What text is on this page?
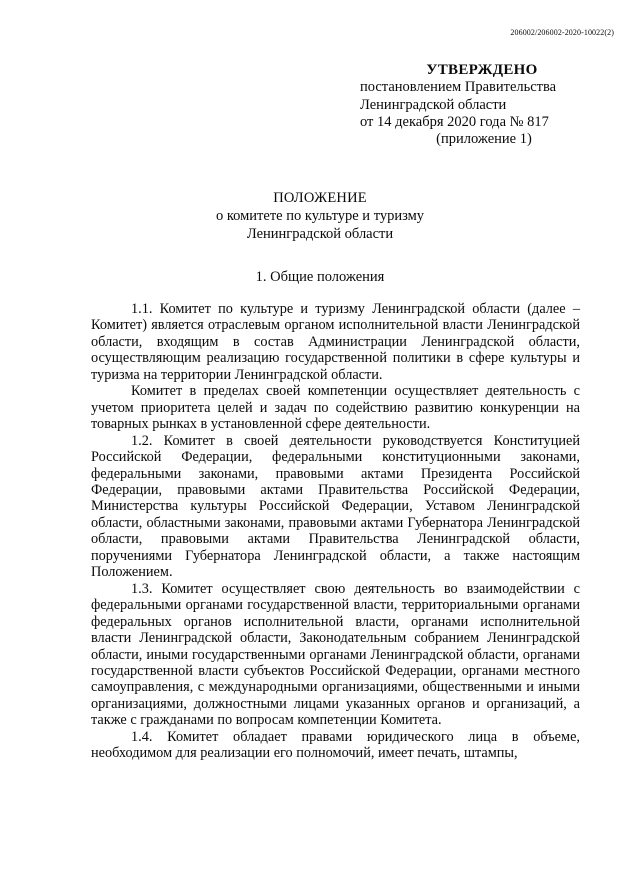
206002/206002-2020-10022(2)
УТВЕРЖДЕНО
постановлением Правительства
Ленинградской области
от 14 декабря 2020 года № 817
(приложение 1)
ПОЛОЖЕНИЕ
о комитете по культуре и туризму
Ленинградской области
1. Общие положения

1.1. Комитет по культуре и туризму Ленинградской области (далее – Комитет) является отраслевым органом исполнительной власти Ленинградской области, входящим в состав Администрации Ленинградской области, осуществляющим реализацию государственной политики в сфере культуры и туризма на территории Ленинградской области.

Комитет в пределах своей компетенции осуществляет деятельность с учетом приоритета целей и задач по содействию развитию конкуренции на товарных рынках в установленной сфере деятельности.

1.2. Комитет в своей деятельности руководствуется Конституцией Российской Федерации, федеральными конституционными законами, федеральными законами, правовыми актами Президента Российской Федерации, правовыми актами Правительства Российской Федерации, Министерства культуры Российской Федерации, Уставом Ленинградской области, областными законами, правовыми актами Губернатора Ленинградской области, правовыми актами Правительства Ленинградской области, поручениями Губернатора Ленинградской области, а также настоящим Положением.

1.3. Комитет осуществляет свою деятельность во взаимодействии с федеральными органами государственной власти, территориальными органами федеральных органов исполнительной власти, органами исполнительной власти Ленинградской области, Законодательным собранием Ленинградской области, иными государственными органами Ленинградской области, органами государственной власти субъектов Российской Федерации, органами местного самоуправления, с международными организациями, общественными и иными организациями, должностными лицами указанных органов и организаций, а также с гражданами по вопросам компетенции Комитета.

1.4. Комитет обладает правами юридического лица в объеме, необходимом для реализации его полномочий, имеет печать, штампы,
